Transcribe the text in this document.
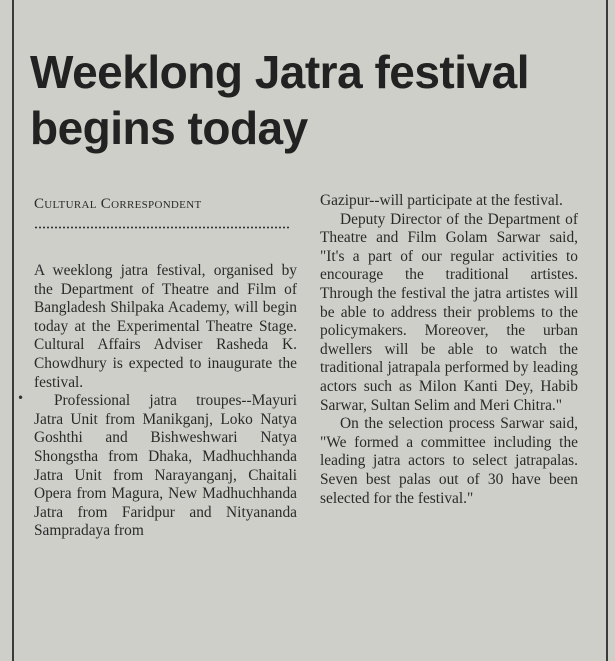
Weeklong Jatra festival begins today
Cultural Correspondent
•

A weeklong jatra festival, organised by the Department of Theatre and Film of Bangladesh Shilpaka Academy, will begin today at the Experimental Theatre Stage. Cultural Affairs Adviser Rasheda K. Chowdhury is expected to inaugurate the festival.

Professional jatra troupes--Mayuri Jatra Unit from Manikganj, Loko Natya Goshthi and Bishweshwari Natya Shongstha from Dhaka, Madhuchhanda Jatra Unit from Narayanganj, Chaitali Opera from Magura, New Madhuchhanda Jatra from Faridpur and Nityananda Sampradaya from

Gazipur--will participate at the festival.

Deputy Director of the Department of Theatre and Film Golam Sarwar said, "It's a part of our regular activities to encourage the traditional artistes. Through the festival the jatra artistes will be able to address their problems to the policymakers. Moreover, the urban dwellers will be able to watch the traditional jatrapala performed by leading actors such as Milon Kanti Dey, Habib Sarwar, Sultan Selim and Meri Chitra."

On the selection process Sarwar said, "We formed a committee including the leading jatra actors to select jatrapalas. Seven best palas out of 30 have been selected for the festival."
